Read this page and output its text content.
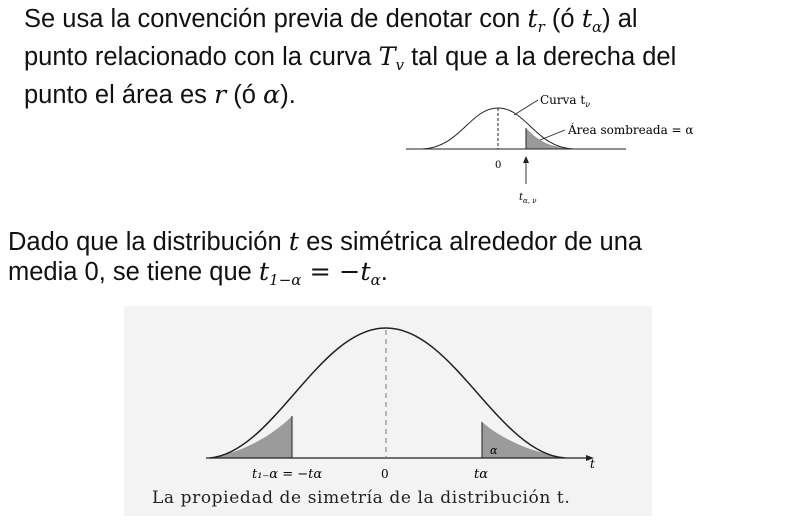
Se usa la convención previa de denotar con $t_r$ (ó $t_\alpha$) al
punto relacionado con la curva $T_v$ tal que a la derecha del
punto el área es r (ó α).	Curva $t_\nu$
Área sombreada = α
0
$t_{\alpha, \nu}$
Dado que la distribución t es simétrica alrededor de una
media 0, se tiene que $t_{1-\alpha} = -t_\alpha$.
α
t₁₋α = −tα	0	tα
t
La propiedad de simetría de la distribución t.
